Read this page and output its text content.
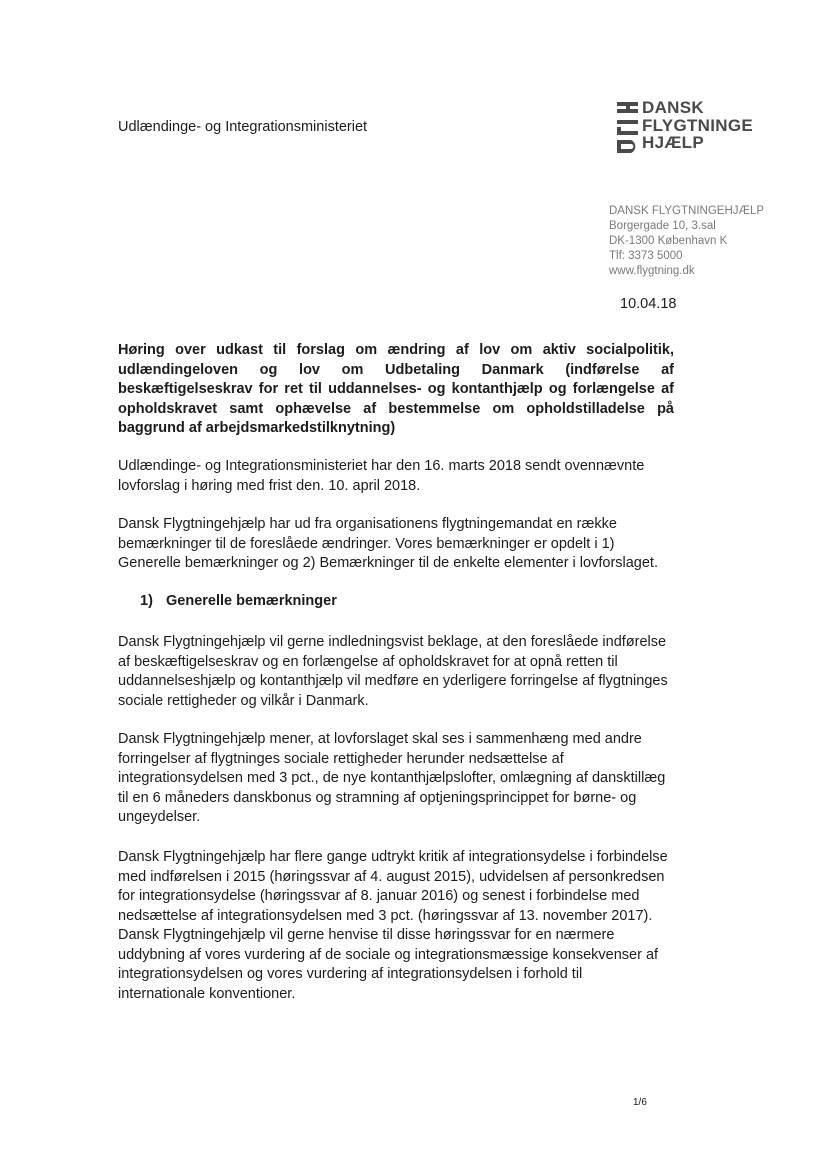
Udlændinge- og Integrationsministeriet
DANSK
FLYGTNINGE
HJÆLP
DANSK FLYGTNINGEHJÆLP
Borgergade 10, 3.sal
DK-1300 København K
Tlf: 3373 5000
www.flygtning.dk
10.04.18
Høring over udkast til forslag om ændring af lov om aktiv socialpolitik, udlændingeloven og lov om Udbetaling Danmark (indførelse af beskæftigelseskrav for ret til uddannelses- og kontanthjælp og forlængelse af opholdskravet samt ophævelse af bestemmelse om opholdstilladelse på baggrund af arbejdsmarkedstilknytning)

Udlændinge- og Integrationsministeriet har den 16. marts 2018 sendt ovennævnte lovforslag i høring med frist den. 10. april 2018.

Dansk Flygtningehjælp har ud fra organisationens flygtningemandat en række bemærkninger til de foreslåede ændringer. Vores bemærkninger er opdelt i 1) Generelle bemærkninger og 2) Bemærkninger til de enkelte elementer i lovforslaget.

1) Generelle bemærkninger

Dansk Flygtningehjælp vil gerne indledningsvist beklage, at den foreslåede indførelse af beskæftigelseskrav og en forlængelse af opholdskravet for at opnå retten til uddannelseshjælp og kontanthjælp vil medføre en yderligere forringelse af flygtninges sociale rettigheder og vilkår i Danmark.

Dansk Flygtningehjælp mener, at lovforslaget skal ses i sammenhæng med andre forringelser af flygtninges sociale rettigheder herunder nedsættelse af integrationsydelsen med 3 pct., de nye kontanthjælpslofter, omlægning af dansktillæg til en 6 måneders danskbonus og stramning af optjeningsprincippet for børne- og ungeydelser.

Dansk Flygtningehjælp har flere gange udtrykt kritik af integrationsydelse i forbindelse med indførelsen i 2015 (høringssvar af 4. august 2015), udvidelsen af personkredsen for integrationsydelse (høringssvar af 8. januar 2016) og senest i forbindelse med nedsættelse af integrationsydelsen med 3 pct. (høringssvar af 13. november 2017). Dansk Flygtningehjælp vil gerne henvise til disse høringssvar for en nærmere uddybning af vores vurdering af de sociale og integrationsmæssige konsekvenser af integrationsydelsen og vores vurdering af integrationsydelsen i forhold til internationale konventioner.

1/6
